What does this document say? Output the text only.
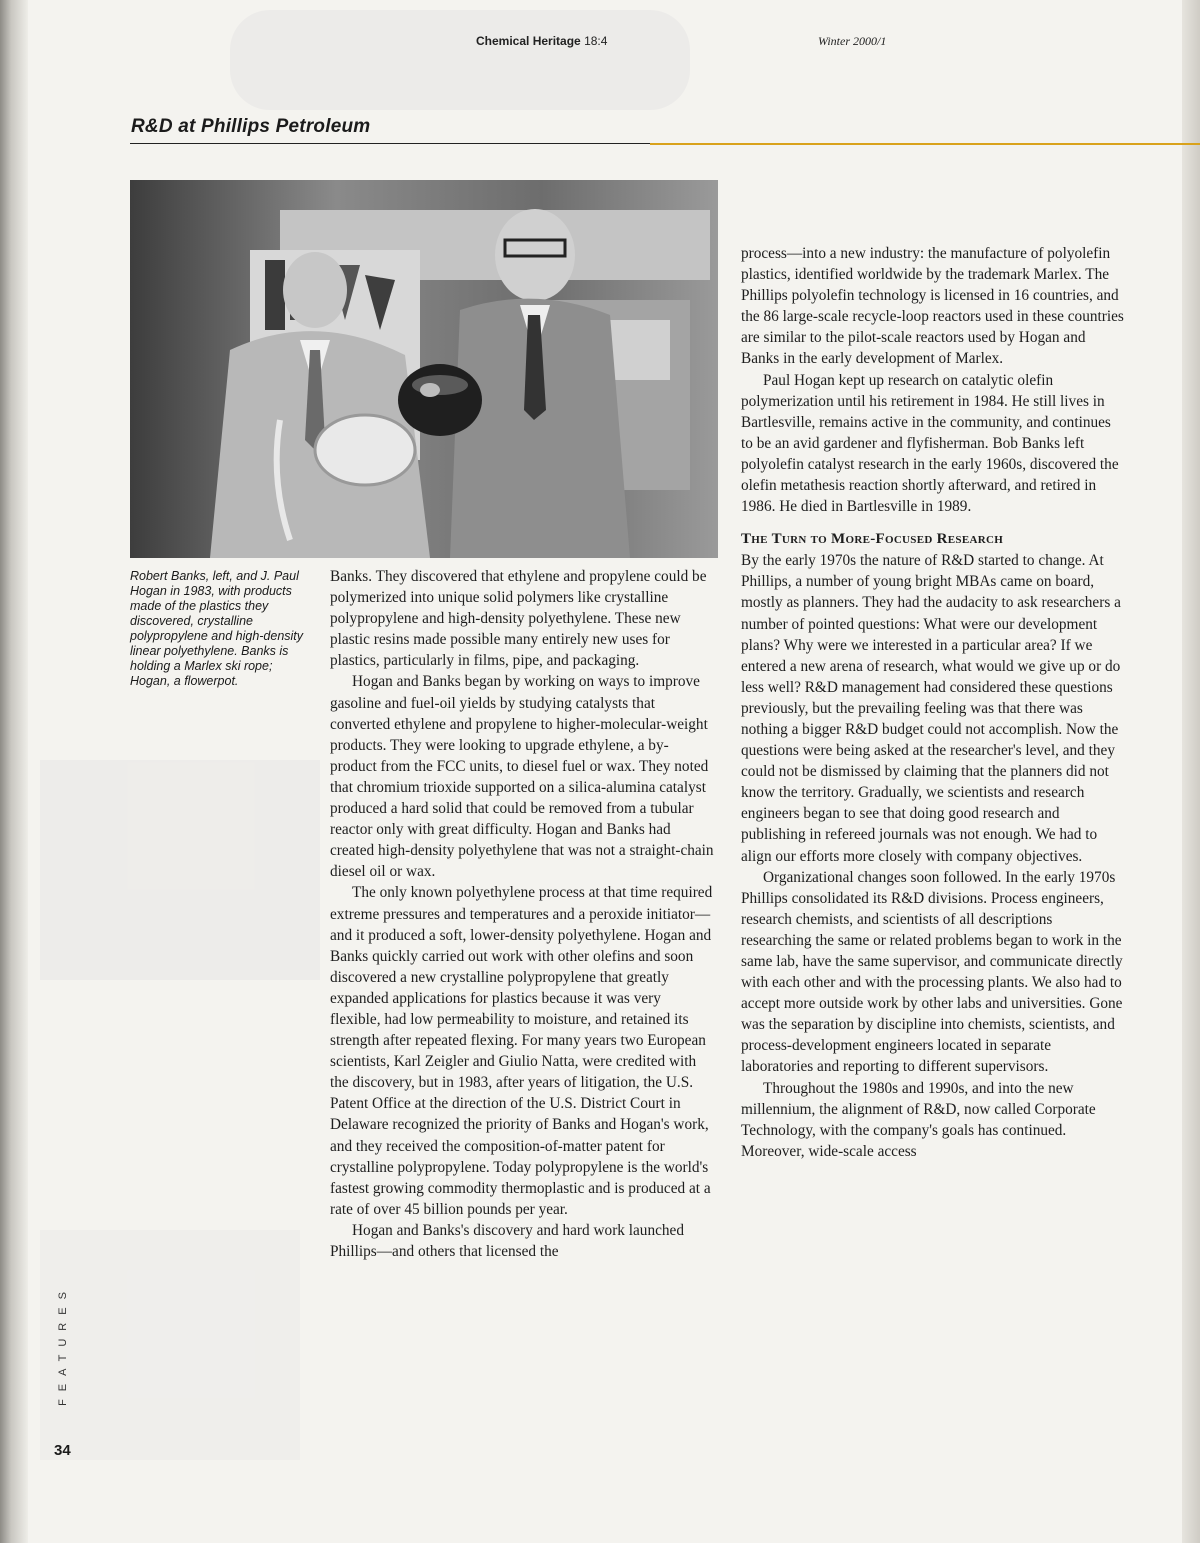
Chemical Heritage 18:4	Winter 2000/1
R&D at Phillips Petroleum

Robert Banks, left, and J. Paul Hogan in 1983, with products made of the plastics they discovered, crystalline polypropylene and high-density linear polyethylene. Banks is holding a Marlex ski rope; Hogan, a flowerpot.

Banks. They discovered that ethylene and propylene could be polymerized into unique solid polymers like crystalline polypropylene and high-density polyethylene. These new plastic resins made possible many entirely new uses for plastics, particularly in films, pipe, and packaging.

Hogan and Banks began by working on ways to improve gasoline and fuel-oil yields by studying catalysts that converted ethylene and propylene to higher-molecular-weight products. They were looking to upgrade ethylene, a by-product from the FCC units, to diesel fuel or wax. They noted that chromium trioxide supported on a silica-alumina catalyst produced a hard solid that could be removed from a tubular reactor only with great difficulty. Hogan and Banks had created high-density polyethylene that was not a straight-chain diesel oil or wax.

The only known polyethylene process at that time required extreme pressures and temperatures and a peroxide initiator—and it produced a soft, lower-density polyethylene. Hogan and Banks quickly carried out work with other olefins and soon discovered a new crystalline polypropylene that greatly expanded applications for plastics because it was very flexible, had low permeability to moisture, and retained its strength after repeated flexing. For many years two European scientists, Karl Zeigler and Giulio Natta, were credited with the discovery, but in 1983, after years of litigation, the U.S. Patent Office at the direction of the U.S. District Court in Delaware recognized the priority of Banks and Hogan's work, and they received the composition-of-matter patent for crystalline polypropylene. Today polypropylene is the world's fastest growing commodity thermoplastic and is produced at a rate of over 45 billion pounds per year.

Hogan and Banks's discovery and hard work launched Phillips—and others that licensed the

process—into a new industry: the manufacture of polyolefin plastics, identified worldwide by the trademark Marlex. The Phillips polyolefin technology is licensed in 16 countries, and the 86 large-scale recycle-loop reactors used in these countries are similar to the pilot-scale reactors used by Hogan and Banks in the early development of Marlex.

Paul Hogan kept up research on catalytic olefin polymerization until his retirement in 1984. He still lives in Bartlesville, remains active in the community, and continues to be an avid gardener and flyfisherman. Bob Banks left polyolefin catalyst research in the early 1960s, discovered the olefin metathesis reaction shortly afterward, and retired in 1986. He died in Bartlesville in 1989.

The Turn to More-Focused Research

By the early 1970s the nature of R&D started to change. At Phillips, a number of young bright MBAs came on board, mostly as planners. They had the audacity to ask researchers a number of pointed questions: What were our development plans? Why were we interested in a particular area? If we entered a new arena of research, what would we give up or do less well? R&D management had considered these questions previously, but the prevailing feeling was that there was nothing a bigger R&D budget could not accomplish. Now the questions were being asked at the researcher's level, and they could not be dismissed by claiming that the planners did not know the territory. Gradually, we scientists and research engineers began to see that doing good research and publishing in refereed journals was not enough. We had to align our efforts more closely with company objectives.

Organizational changes soon followed. In the early 1970s Phillips consolidated its R&D divisions. Process engineers, research chemists, and scientists of all descriptions researching the same or related problems began to work in the same lab, have the same supervisor, and communicate directly with each other and with the processing plants. We also had to accept more outside work by other labs and universities. Gone was the separation by discipline into chemists, scientists, and process-development engineers located in separate laboratories and reporting to different supervisors.

Throughout the 1980s and 1990s, and into the new millennium, the alignment of R&D, now called Corporate Technology, with the company's goals has continued. Moreover, wide-scale access

FEATURES
34
